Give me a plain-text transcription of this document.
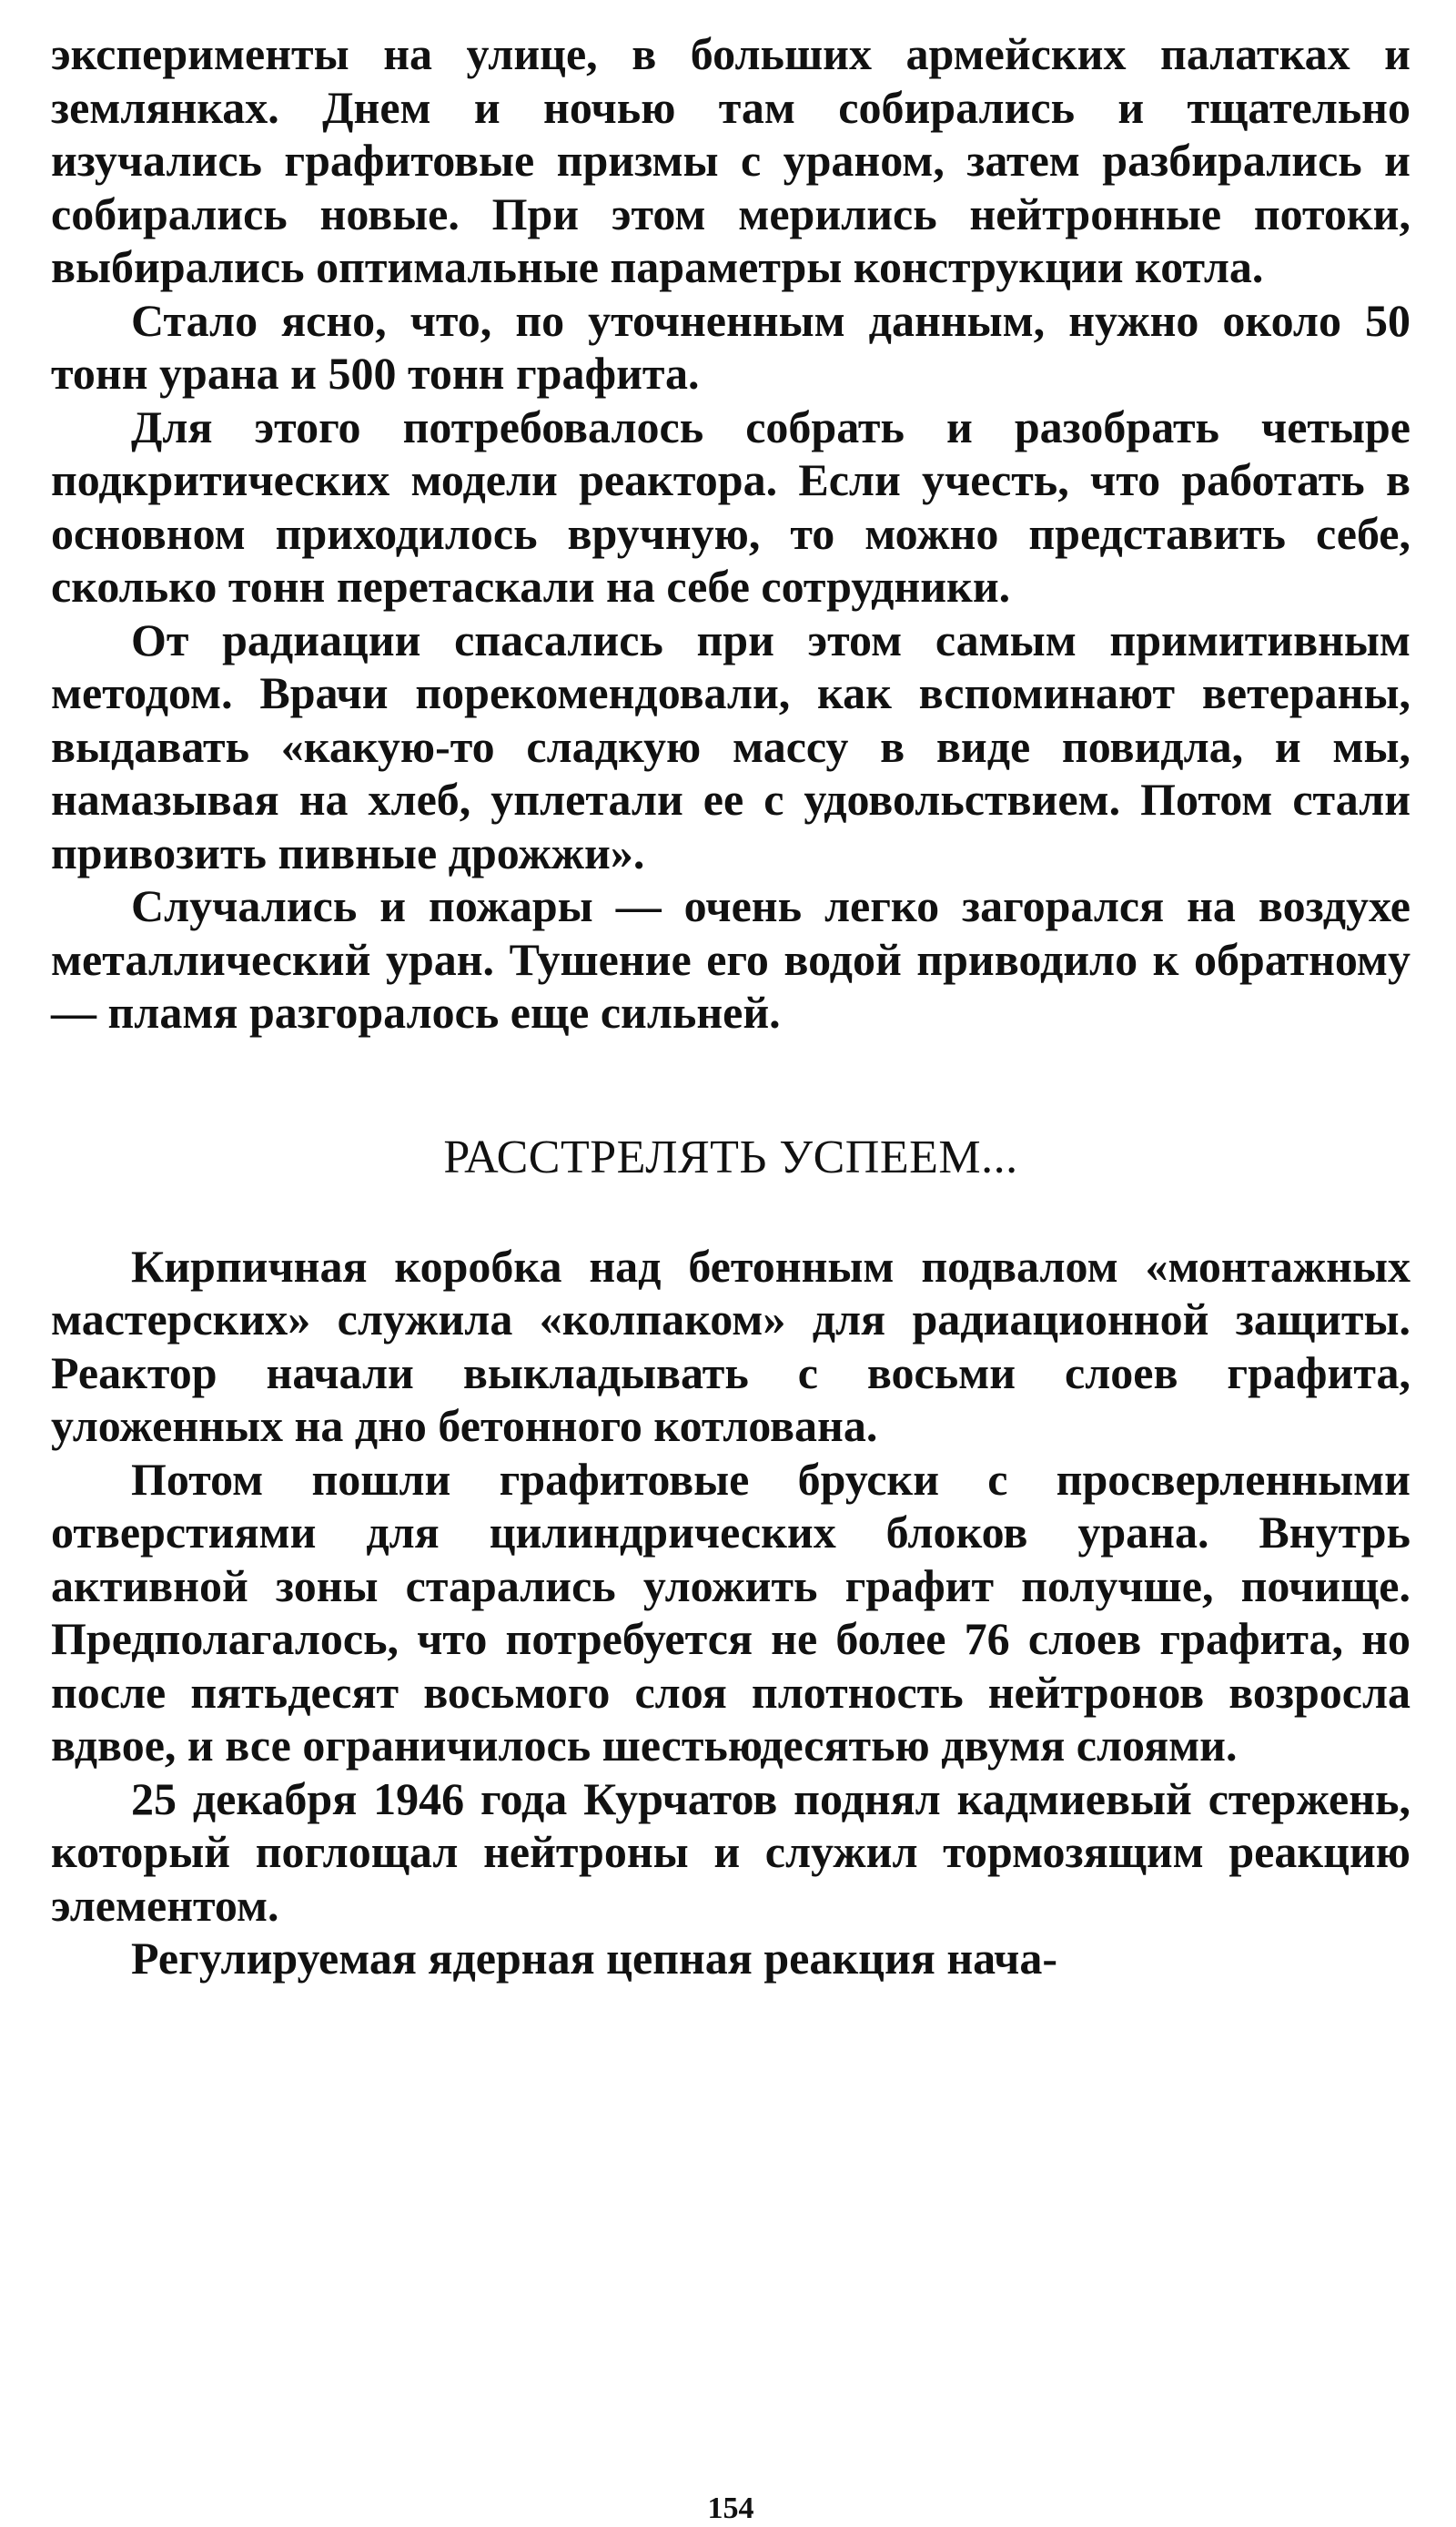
эксперименты на улице, в больших армейских палатках и землянках. Днем и ночью там собирались и тщательно изучались графитовые призмы с ураном, затем разбирались и собирались новые. При этом мерились нейтронные потоки, выбирались оптимальные параметры конструкции котла.

Стало ясно, что, по уточненным данным, нужно около 50 тонн урана и 500 тонн графита.

Для этого потребовалось собрать и разобрать четыре подкритических модели реактора. Если учесть, что работать в основном приходилось вручную, то можно представить себе, сколько тонн перетаскали на себе сотрудники.

От радиации спасались при этом самым примитивным методом. Врачи порекомендовали, как вспоминают ветераны, выдавать «какую-то сладкую массу в виде повидла, и мы, намазывая на хлеб, уплетали ее с удовольствием. Потом стали привозить пивные дрожжи».

Случались и пожары — очень легко загорался на воздухе металлический уран. Тушение его водой приводило к обратному — пламя разгоралось еще сильней.

РАССТРЕЛЯТЬ УСПЕЕМ...

Кирпичная коробка над бетонным подвалом «монтажных мастерских» служила «колпаком» для радиационной защиты. Реактор начали выкладывать с восьми слоев графита, уложенных на дно бетонного котлована.

Потом пошли графитовые бруски с просверленными отверстиями для цилиндрических блоков урана. Внутрь активной зоны старались уложить графит получше, почище. Предполагалось, что потребуется не более 76 слоев графита, но после пятьдесят восьмого слоя плотность нейтронов возросла вдвое, и все ограничилось шестьюдесятью двумя слоями.

25 декабря 1946 года Курчатов поднял кадмиевый стержень, который поглощал нейтроны и служил тормозящим реакцию элементом.

Регулируемая ядерная цепная реакция нача-

154
